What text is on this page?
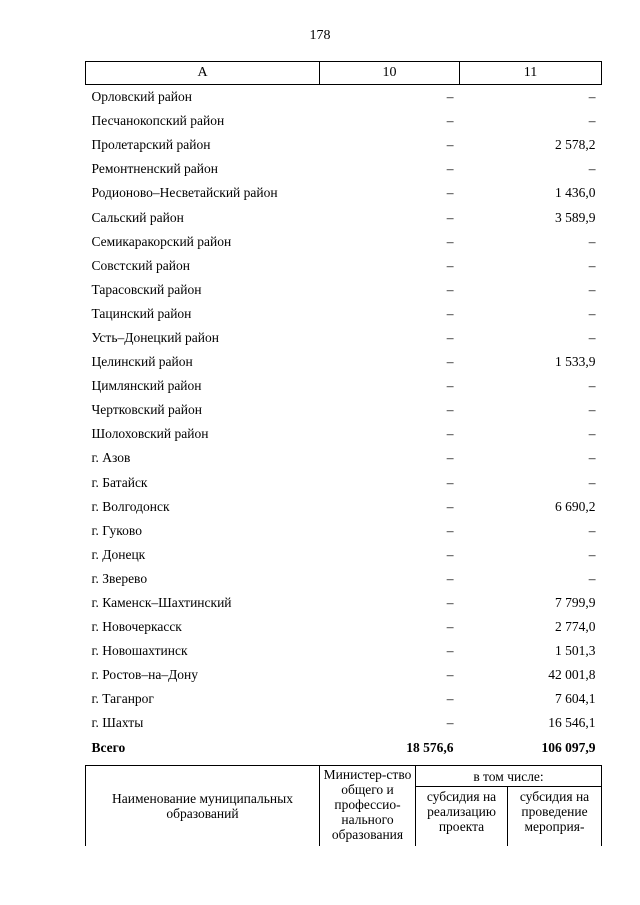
178
А	10	11
Орловский район	–	–
Песчанокопский район	–	–
Пролетарский район	–	2 578,2
Ремонтненский район	–	–
Родионово–Несветайский район	–	1 436,0
Сальский район	–	3 589,9
Семикаракорский район	–	–
Совстский район	–	–
Тарасовский район	–	–
Тацинский район	–	–
Усть–Донецкий район	–	–
Целинский район	–	1 533,9
Цимлянский район	–	–
Чертковский район	–	–
Шолоховский район	–	–
г. Азов	–	–
г. Батайск	–	–
г. Волгодонск	–	6 690,2
г. Гуково	–	–
г. Донецк	–	–
г. Зверево	–	–
г. Каменск–Шахтинский	–	7 799,9
г. Новочеркасск	–	2 774,0
г. Новошахтинск	–	1 501,3
г. Ростов–на–Дону	–	42 001,8
г. Таганрог	–	7 604,1
г. Шахты	–	16 546,1
Всего	18 576,6	106 097,9
Наименование муниципальных образований	Министер-ство общего и профессио-нального образования	в том числе:	

		субсидия на реализацию проекта	субсидия на проведение мероприя-
